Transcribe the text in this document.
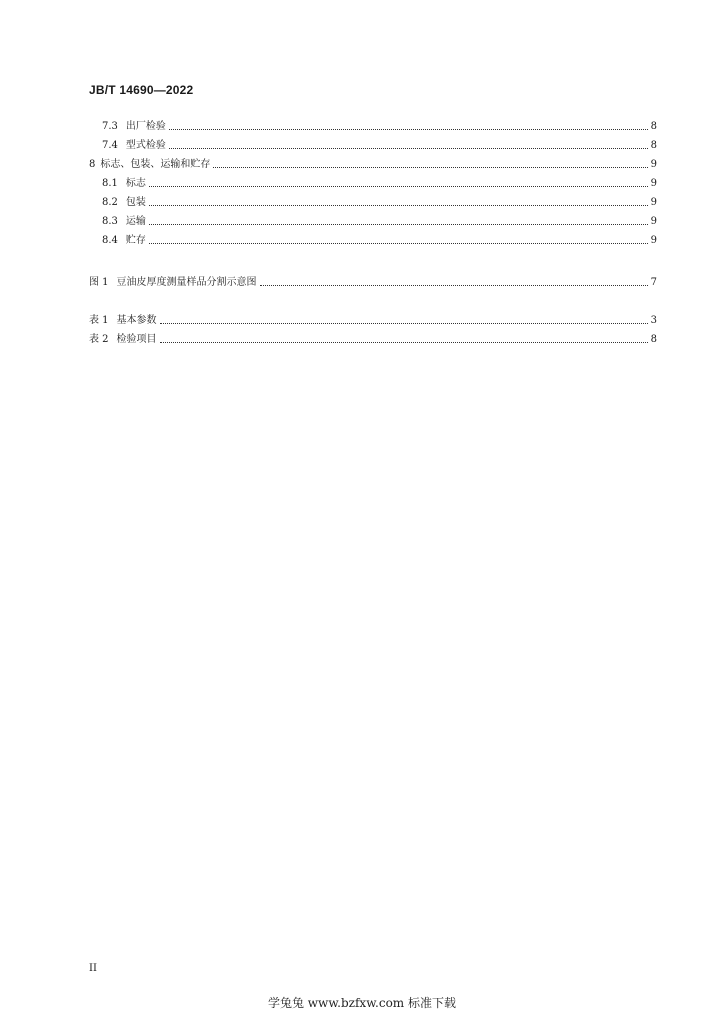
JB/T 14690—2022
7.3 出厂检验	8
7.4 型式检验	8
8 标志、包装、运输和贮存	9
8.1 标志	9
8.2 包装	9
8.3 运输	9
8.4 贮存	9
图 1 豆油皮厚度测量样品分割示意图	7
表 1 基本参数	3
表 2 检验项目	8
II
学兔兔 www.bzfxw.com 标准下载
